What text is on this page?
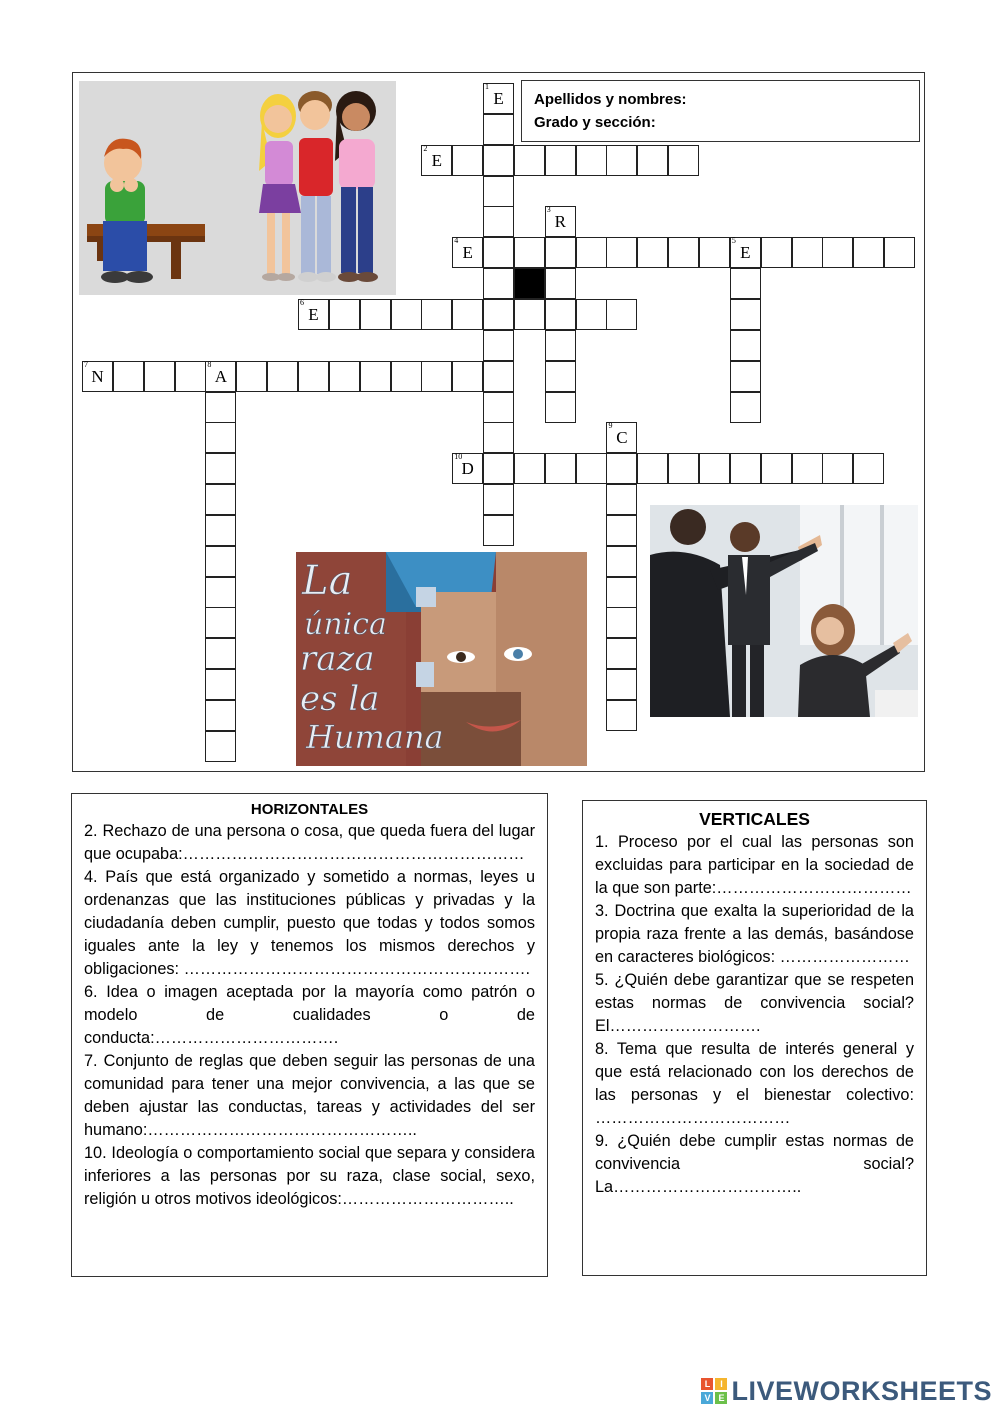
La
única
raza
es la
Humana
Apellidos y nombres:
Grado y sección:
1
E
2
E
3
R
4
E
5
E
6
E
7
N
8
A
9
C
10
D
HORIZONTALES

2. Rechazo de una persona o cosa, que queda fuera del lugar que ocupaba:………………………………………………………

4. País que está organizado y sometido a normas, leyes u ordenanzas que las instituciones públicas y privadas y la ciudadanía deben cumplir, puesto que todas y todos somos iguales ante la ley y tenemos los mismos derechos y obligaciones: ……………………………………………………….

6. Idea o imagen aceptada por la mayoría como patrón o modelo de cualidades o de conducta:…………………………….

7. Conjunto de reglas que deben seguir las personas de una comunidad para tener una mejor convivencia, a las que se deben ajustar las conductas, tareas y actividades del ser humano:…………………………………………..

10. Ideología o comportamiento social que separa y considera inferiores a las personas por su raza, clase social, sexo, religión u otros motivos ideológicos:…………………………..

VERTICALES

1. Proceso por el cual las personas son excluidas para participar en la sociedad de la que son parte:………………………………

3. Doctrina que exalta la superioridad de la propia raza frente a las demás, basándose en caracteres biológicos: ……………………

5. ¿Quién debe garantizar que se respeten estas normas de convivencia social? El……………………….

8. Tema que resulta de interés general y que está relacionado con los derechos de las personas y el bienestar colectivo: ………………………………

9. ¿Quién debe cumplir estas normas de convivencia social? La……………………………..

L	I
V E LIVEWORKSHEETS
